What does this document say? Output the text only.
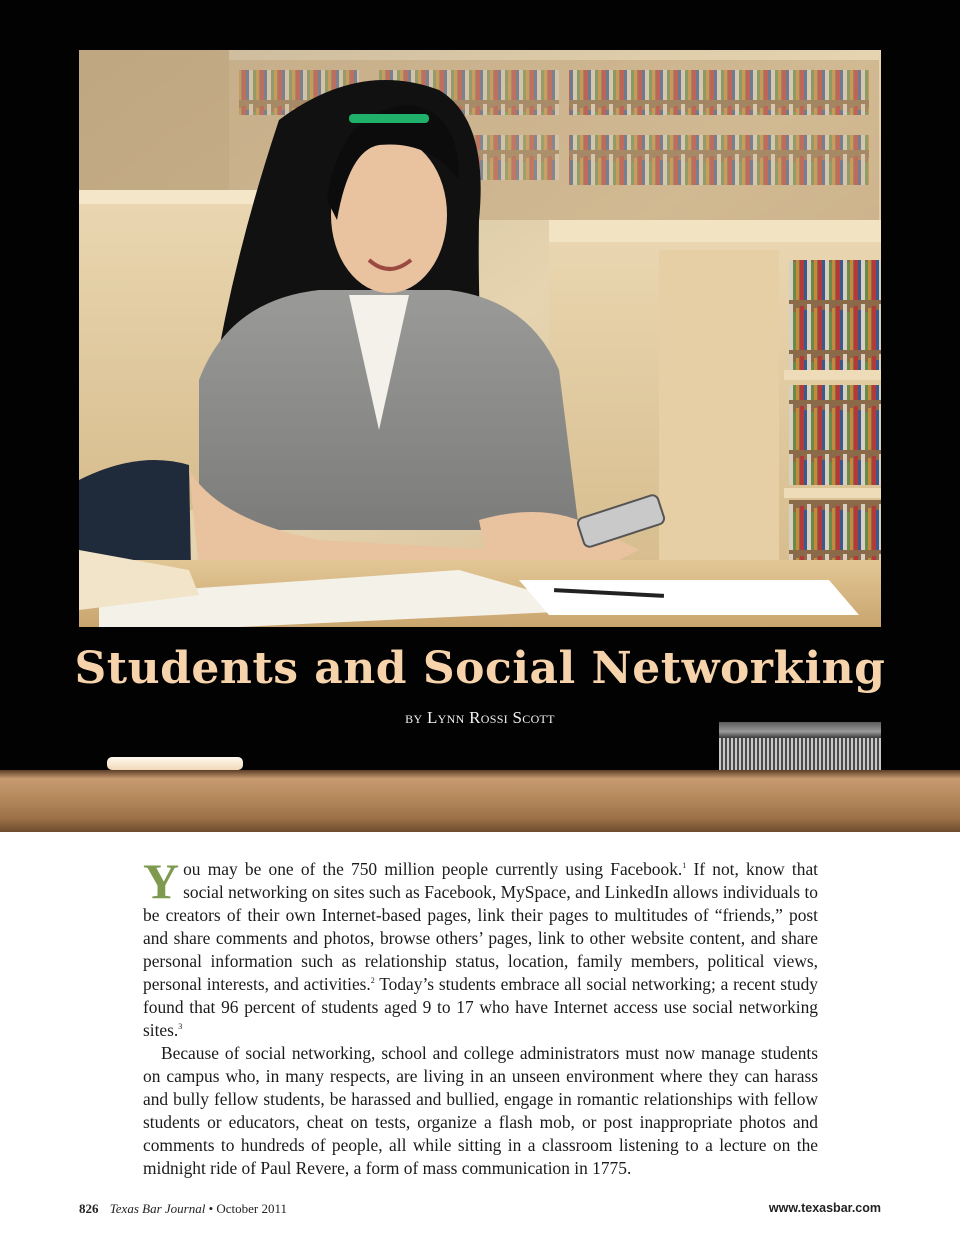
Students and Social Networking
by Lynn Rossi Scott

You may be one of the 750 million people currently using Facebook.$^1$ If not, know that social networking on sites such as Facebook, MySpace, and LinkedIn allows individuals to be creators of their own Internet-based pages, link their pages to multitudes of “friends,” post and share comments and photos, browse others’ pages, link to other website content, and share personal information such as relationship status, location, family members, political views, personal interests, and activities.$^2$ Today’s students embrace all social networking; a recent study found that 96 percent of students aged 9 to 17 who have Internet access use social networking sites.$^3$

Because of social networking, school and college administrators must now manage students on campus who, in many respects, are living in an unseen environment where they can harass and bully fellow students, be harassed and bullied, engage in romantic relationships with fellow students or educators, cheat on tests, organize a flash mob, or post inappropriate photos and comments to hundreds of people, all while sitting in a classroom listening to a lecture on the midnight ride of Paul Revere, a form of mass communication in 1775.

826 Texas Bar Journal • October 2011	www.texasbar.com
